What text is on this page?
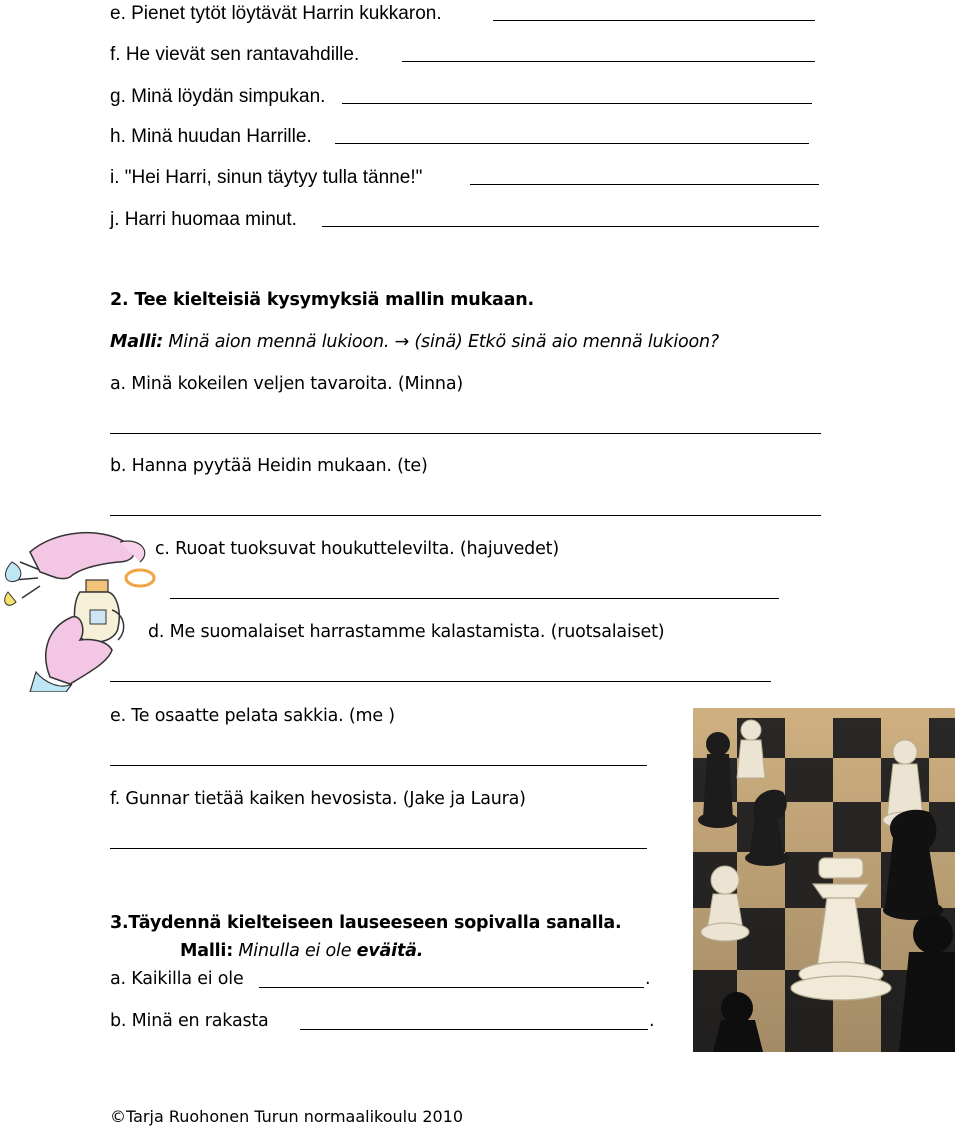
e. Pienet tytöt löytävät Harrin kukkaron.
f. He vievät sen rantavahdille.
g. Minä löydän simpukan.
h. Minä huudan Harrille.
i. "Hei Harri, sinun täytyy tulla tänne!"
j. Harri huomaa minut.
2. Tee kielteisiä kysymyksiä mallin mukaan.
Malli: Minä aion mennä lukioon. → (sinä) Etkö sinä aio mennä lukioon?
a. Minä kokeilen veljen tavaroita. (Minna)
b. Hanna pyytää Heidin mukaan. (te)
c. Ruoat tuoksuvat houkuttelevilta. (hajuvedet)
d. Me suomalaiset harrastamme kalastamista. (ruotsalaiset)
e. Te osaatte pelata sakkia. (me )
f. Gunnar tietää kaiken hevosista. (Jake ja Laura)
3.Täydennä kielteiseen lauseeseen sopivalla sanalla.
Malli: Minulla ei ole eväitä.
a. Kaikilla ei ole	.
b. Minä en rakasta	.
©Tarja Ruohonen Turun normaalikoulu 2010
